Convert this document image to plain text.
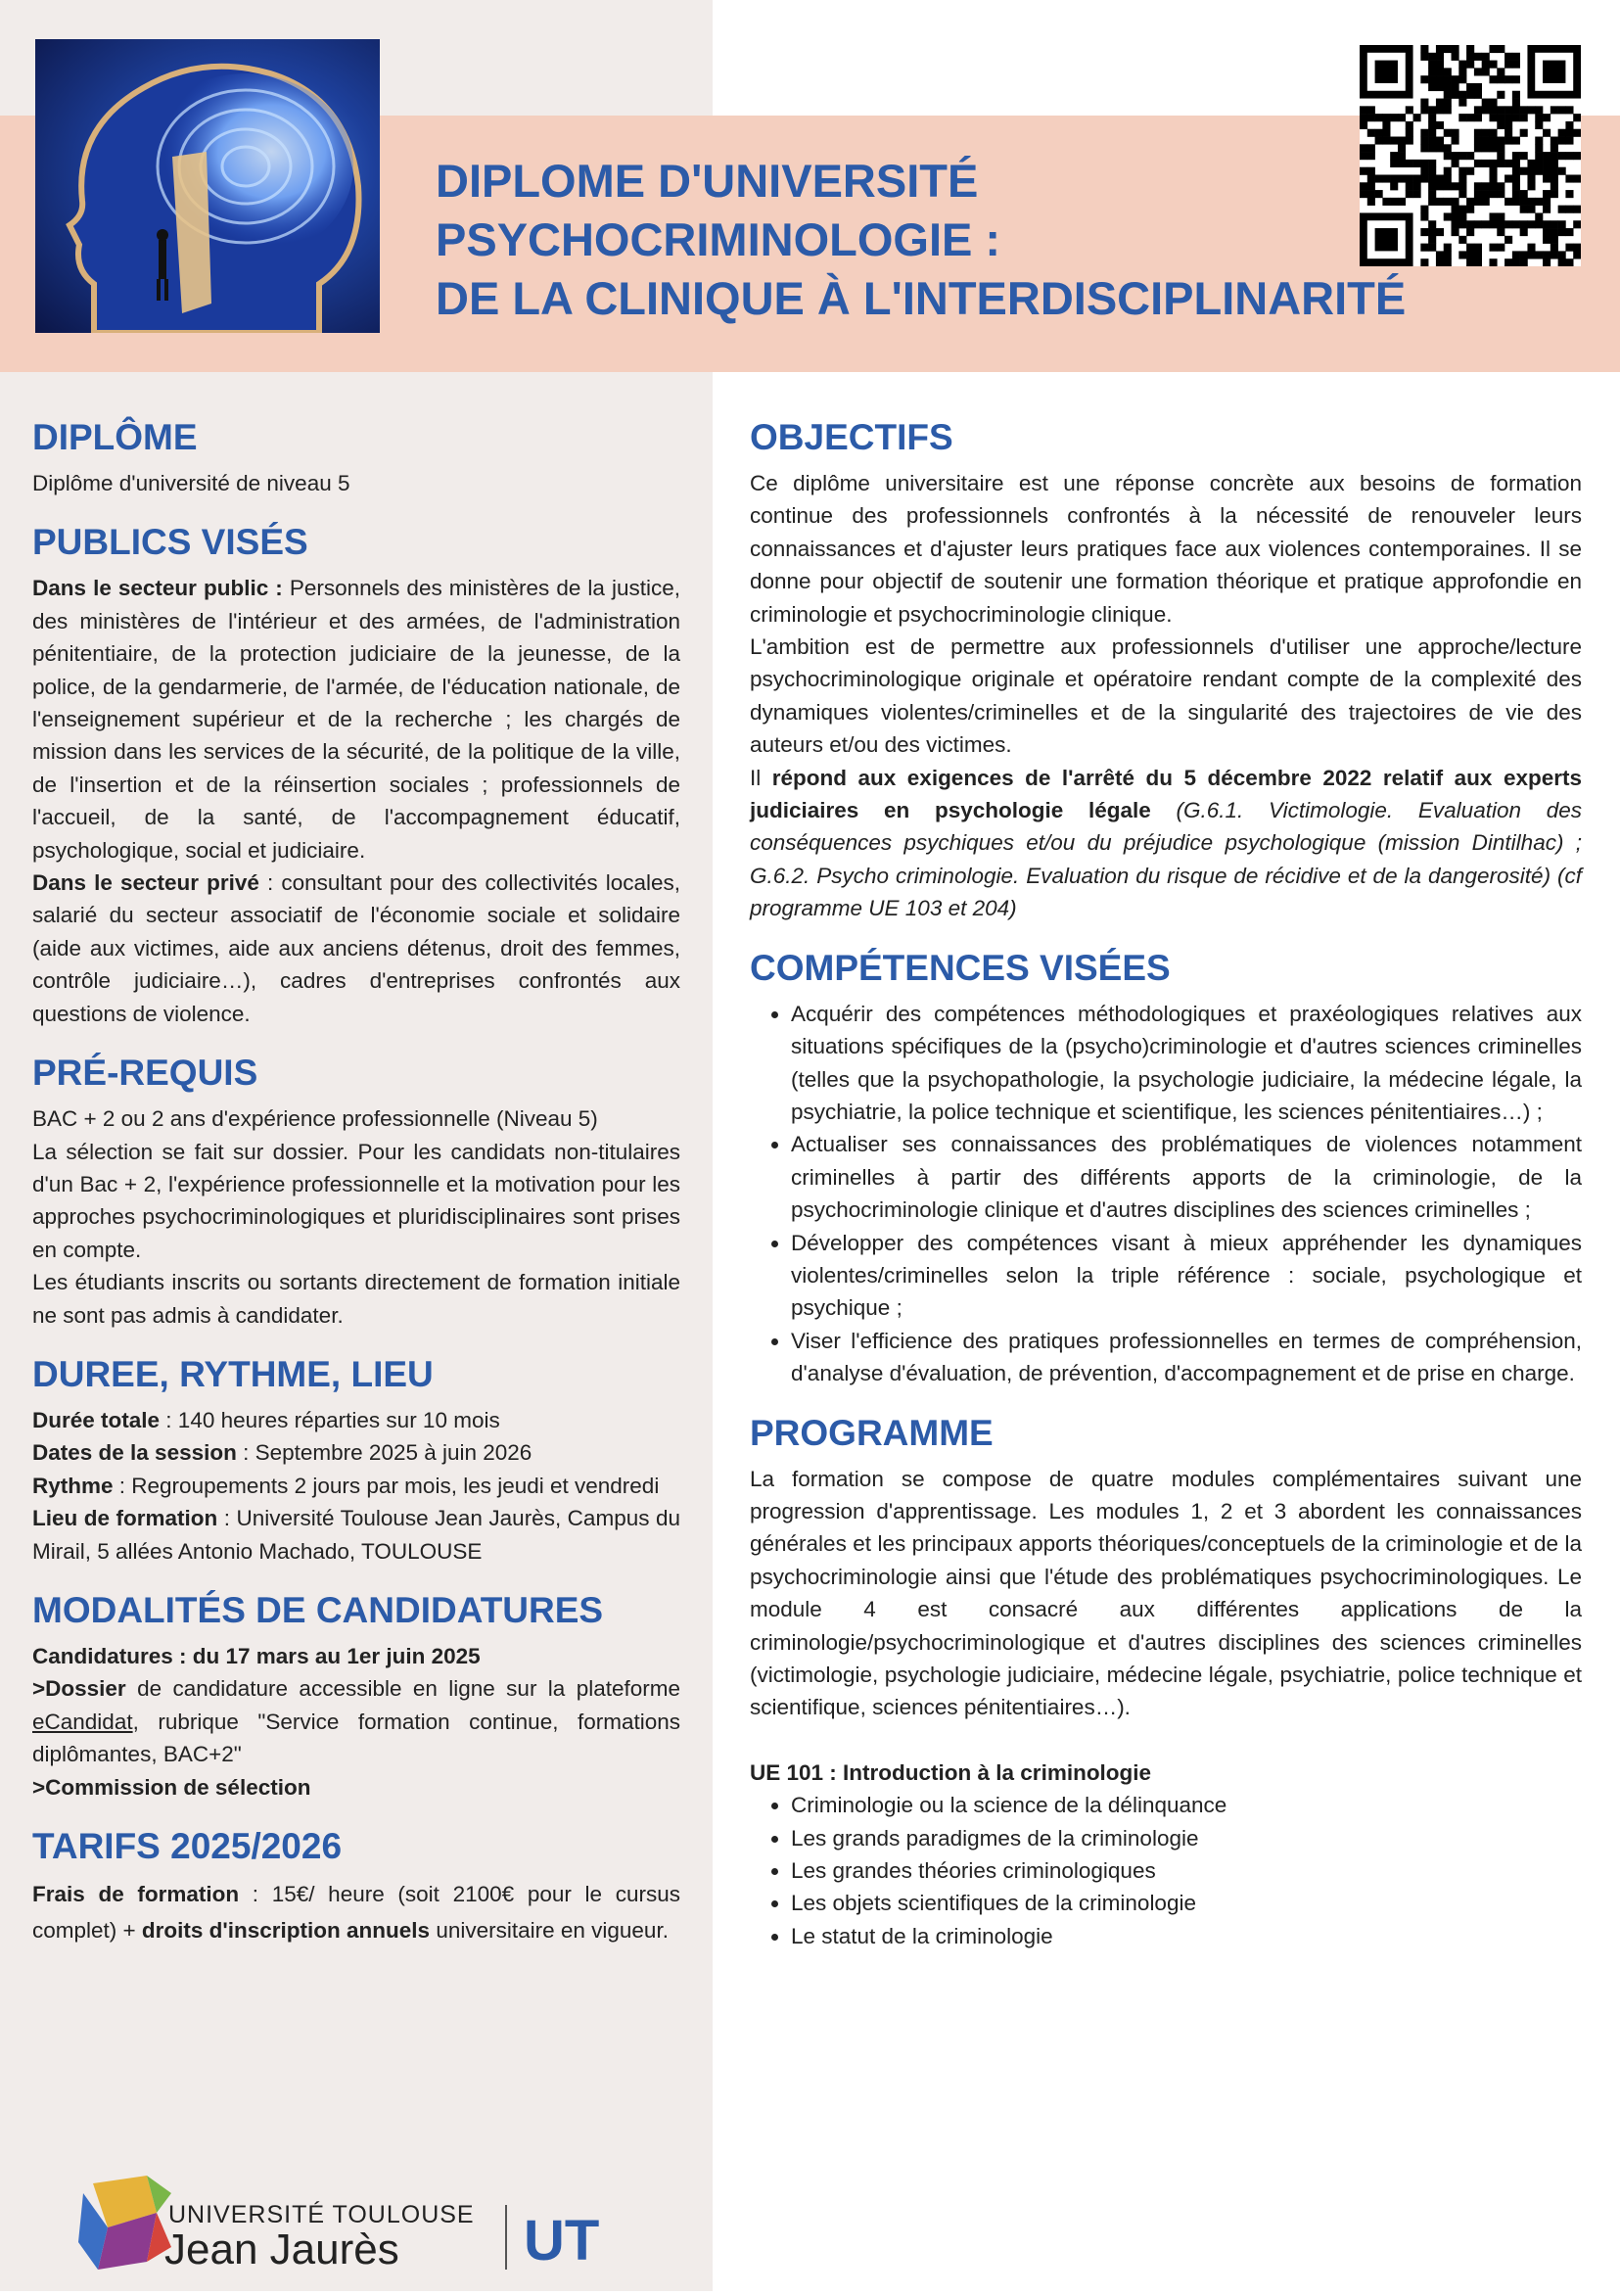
DIPLOME D'UNIVERSITÉ
PSYCHOCRIMINOLOGIE :
DE LA CLINIQUE À L'INTERDISCIPLINARITÉ
DIPLÔME

Diplôme d'université de niveau 5

PUBLICS VISÉS

Dans le secteur public : Personnels des ministères de la justice, des ministères de l'intérieur et des armées, de l'administration pénitentiaire, de la protection judiciaire de la jeunesse, de la police, de la gendarmerie, de l'armée, de l'éducation nationale, de l'enseignement supérieur et de la recherche ; les chargés de mission dans les services de la sécurité, de la politique de la ville, de l'insertion et de la réinsertion sociales ; professionnels de l'accueil, de la santé, de l'accompagnement éducatif, psychologique, social et judiciaire.

Dans le secteur privé : consultant pour des collectivités locales, salarié du secteur associatif de l'économie sociale et solidaire (aide aux victimes, aide aux anciens détenus, droit des femmes, contrôle judiciaire…), cadres d'entreprises confrontés aux questions de violence.

PRÉ-REQUIS

BAC + 2 ou 2 ans d'expérience professionnelle (Niveau 5)

La sélection se fait sur dossier. Pour les candidats non-titulaires d'un Bac + 2, l'expérience professionnelle et la motivation pour les approches psychocriminologiques et pluridisciplinaires sont prises en compte.

Les étudiants inscrits ou sortants directement de formation initiale ne sont pas admis à candidater.

DUREE, RYTHME, LIEU

Durée totale : 140 heures réparties sur 10 mois

Dates de la session : Septembre 2025 à juin 2026

Rythme : Regroupements 2 jours par mois, les jeudi et vendredi

Lieu de formation : Université Toulouse Jean Jaurès, Campus du Mirail, 5 allées Antonio Machado, TOULOUSE

MODALITÉS DE CANDIDATURES

Candidatures : du 17 mars au 1er juin 2025

>Dossier de candidature accessible en ligne sur la plateforme eCandidat, rubrique "Service formation continue, formations diplômantes, BAC+2"

>Commission de sélection

TARIFS 2025/2026

Frais de formation : 15€/ heure (soit 2100€ pour le cursus complet) + droits d'inscription annuels universitaire en vigueur.

OBJECTIFS

Ce diplôme universitaire est une réponse concrète aux besoins de formation continue des professionnels confrontés à la nécessité de renouveler leurs connaissances et d'ajuster leurs pratiques face aux violences contemporaines. Il se donne pour objectif de soutenir une formation théorique et pratique approfondie en criminologie et psychocriminologie clinique.

L'ambition est de permettre aux professionnels d'utiliser une approche/lecture psychocriminologique originale et opératoire rendant compte de la complexité des dynamiques violentes/criminelles et de la singularité des trajectoires de vie des auteurs et/ou des victimes.

Il répond aux exigences de l'arrêté du 5 décembre 2022 relatif aux experts judiciaires en psychologie légale (G.6.1. Victimologie. Evaluation des conséquences psychiques et/ou du préjudice psychologique (mission Dintilhac) ; G.6.2. Psycho criminologie. Evaluation du risque de récidive et de la dangerosité) (cf programme UE 103 et 204)

COMPÉTENCES VISÉES
• Acquérir des compétences méthodologiques et praxéologiques relatives aux situations spécifiques de la (psycho)criminologie et d'autres sciences criminelles (telles que la psychopathologie, la psychologie judiciaire, la médecine légale, la psychiatrie, la police technique et scientifique, les sciences pénitentiaires…) ;
• Actualiser ses connaissances des problématiques de violences notamment criminelles à partir des différents apports de la criminologie, de la psychocriminologie clinique et d'autres disciplines des sciences criminelles ;
• Développer des compétences visant à mieux appréhender les dynamiques violentes/criminelles selon la triple référence : sociale, psychologique et psychique ;
• Viser l'efficience des pratiques professionnelles en termes de compréhension, d'analyse d'évaluation, de prévention, d'accompagnement et de prise en charge.
PROGRAMME

La formation se compose de quatre modules complémentaires suivant une progression d'apprentissage. Les modules 1, 2 et 3 abordent les connaissances générales et les principaux apports théoriques/conceptuels de la criminologie et de la psychocriminologie ainsi que l'étude des problématiques psychocriminologiques. Le module 4 est consacré aux différentes applications de la criminologie/psychocriminologique et d'autres disciplines des sciences criminelles (victimologie, psychologie judiciaire, médecine légale, psychiatrie, police technique et scientifique, sciences pénitentiaires…).

UE 101 : Introduction à la criminologie

• Criminologie ou la science de la délinquance
• Les grands paradigmes de la criminologie
• Les grandes théories criminologiques
• Les objets scientifiques de la criminologie
• Le statut de la criminologie
UNIVERSITÉ TOULOUSE
Jean Jaurès UT
